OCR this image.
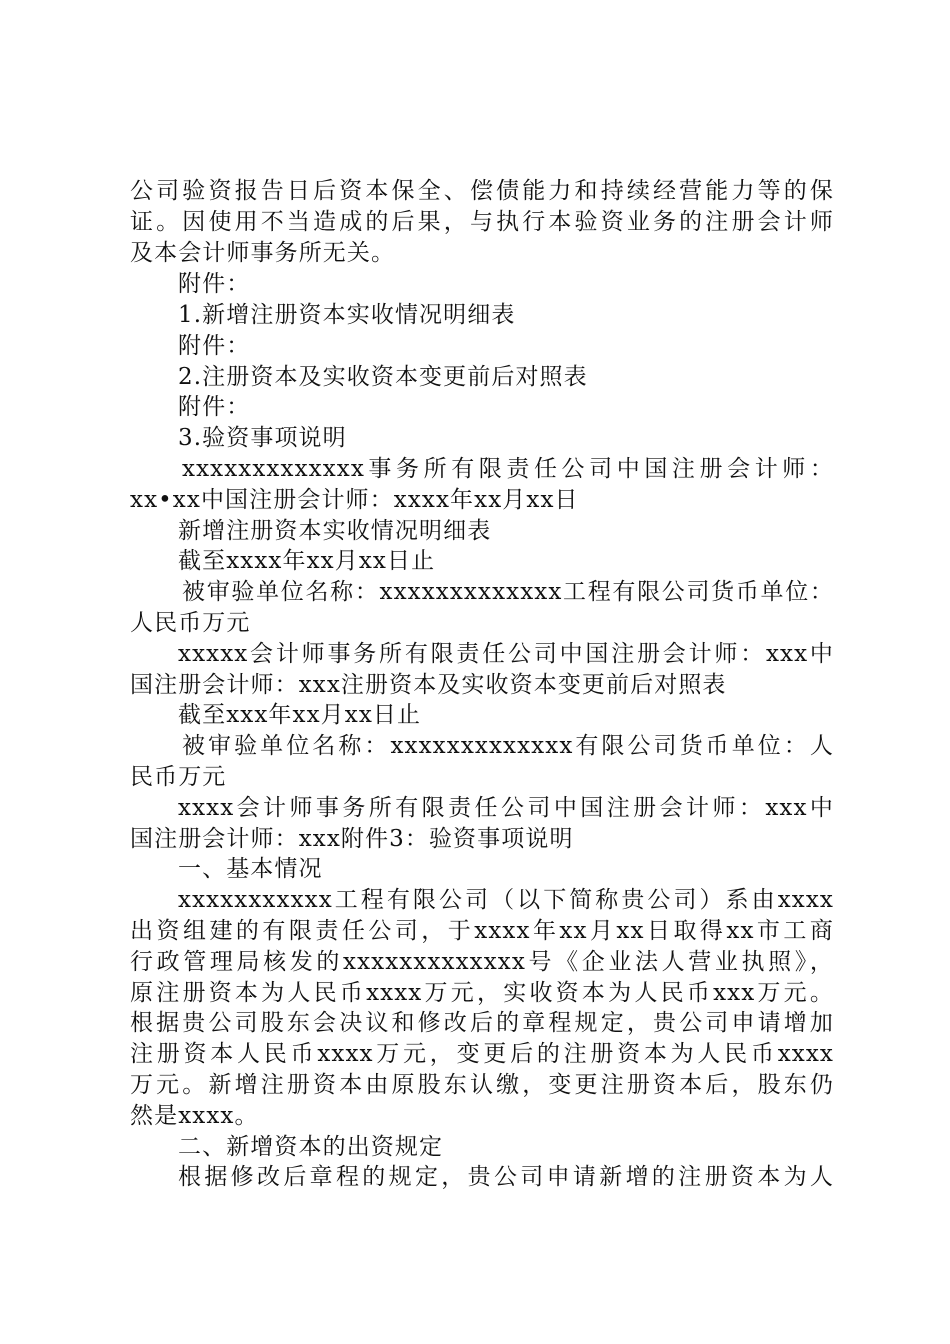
公司验资报告日后资本保全、偿债能力和持续经营能力等的保
证。因使用不当造成的后果，与执行本验资业务的注册会计师
及本会计师事务所无关。
附件：
1.新增注册资本实收情况明细表
附件：
2.注册资本及实收资本变更前后对照表
附件：
3.验资事项说明
xxxxxxxxxxxxx事务所有限责任公司中国注册会计师：
xx•xx中国注册会计师：xxxx年xx月xx日
新增注册资本实收情况明细表
截至xxxx年xx月xx日止
被审验单位名称：xxxxxxxxxxxxx工程有限公司货币单位：
人民币万元
xxxxx会计师事务所有限责任公司中国注册会计师：xxx中
国注册会计师：xxx注册资本及实收资本变更前后对照表
截至xxx年xx月xx日止
被审验单位名称：xxxxxxxxxxxxx有限公司货币单位：人
民币万元
xxxx会计师事务所有限责任公司中国注册会计师：xxx中
国注册会计师：xxx附件3：验资事项说明
一、基本情况
xxxxxxxxxxx工程有限公司（以下简称贵公司）系由xxxx
出资组建的有限责任公司，于xxxx年xx月xx日取得xx市工商
行政管理局核发的xxxxxxxxxxxxx号《企业法人营业执照》，
原注册资本为人民币xxxx万元，实收资本为人民币xxx万元。
根据贵公司股东会决议和修改后的章程规定，贵公司申请增加
注册资本人民币xxxx万元，变更后的注册资本为人民币xxxx
万元。新增注册资本由原股东认缴，变更注册资本后，股东仍
然是xxxx。
二、新增资本的出资规定
根据修改后章程的规定，贵公司申请新增的注册资本为人
